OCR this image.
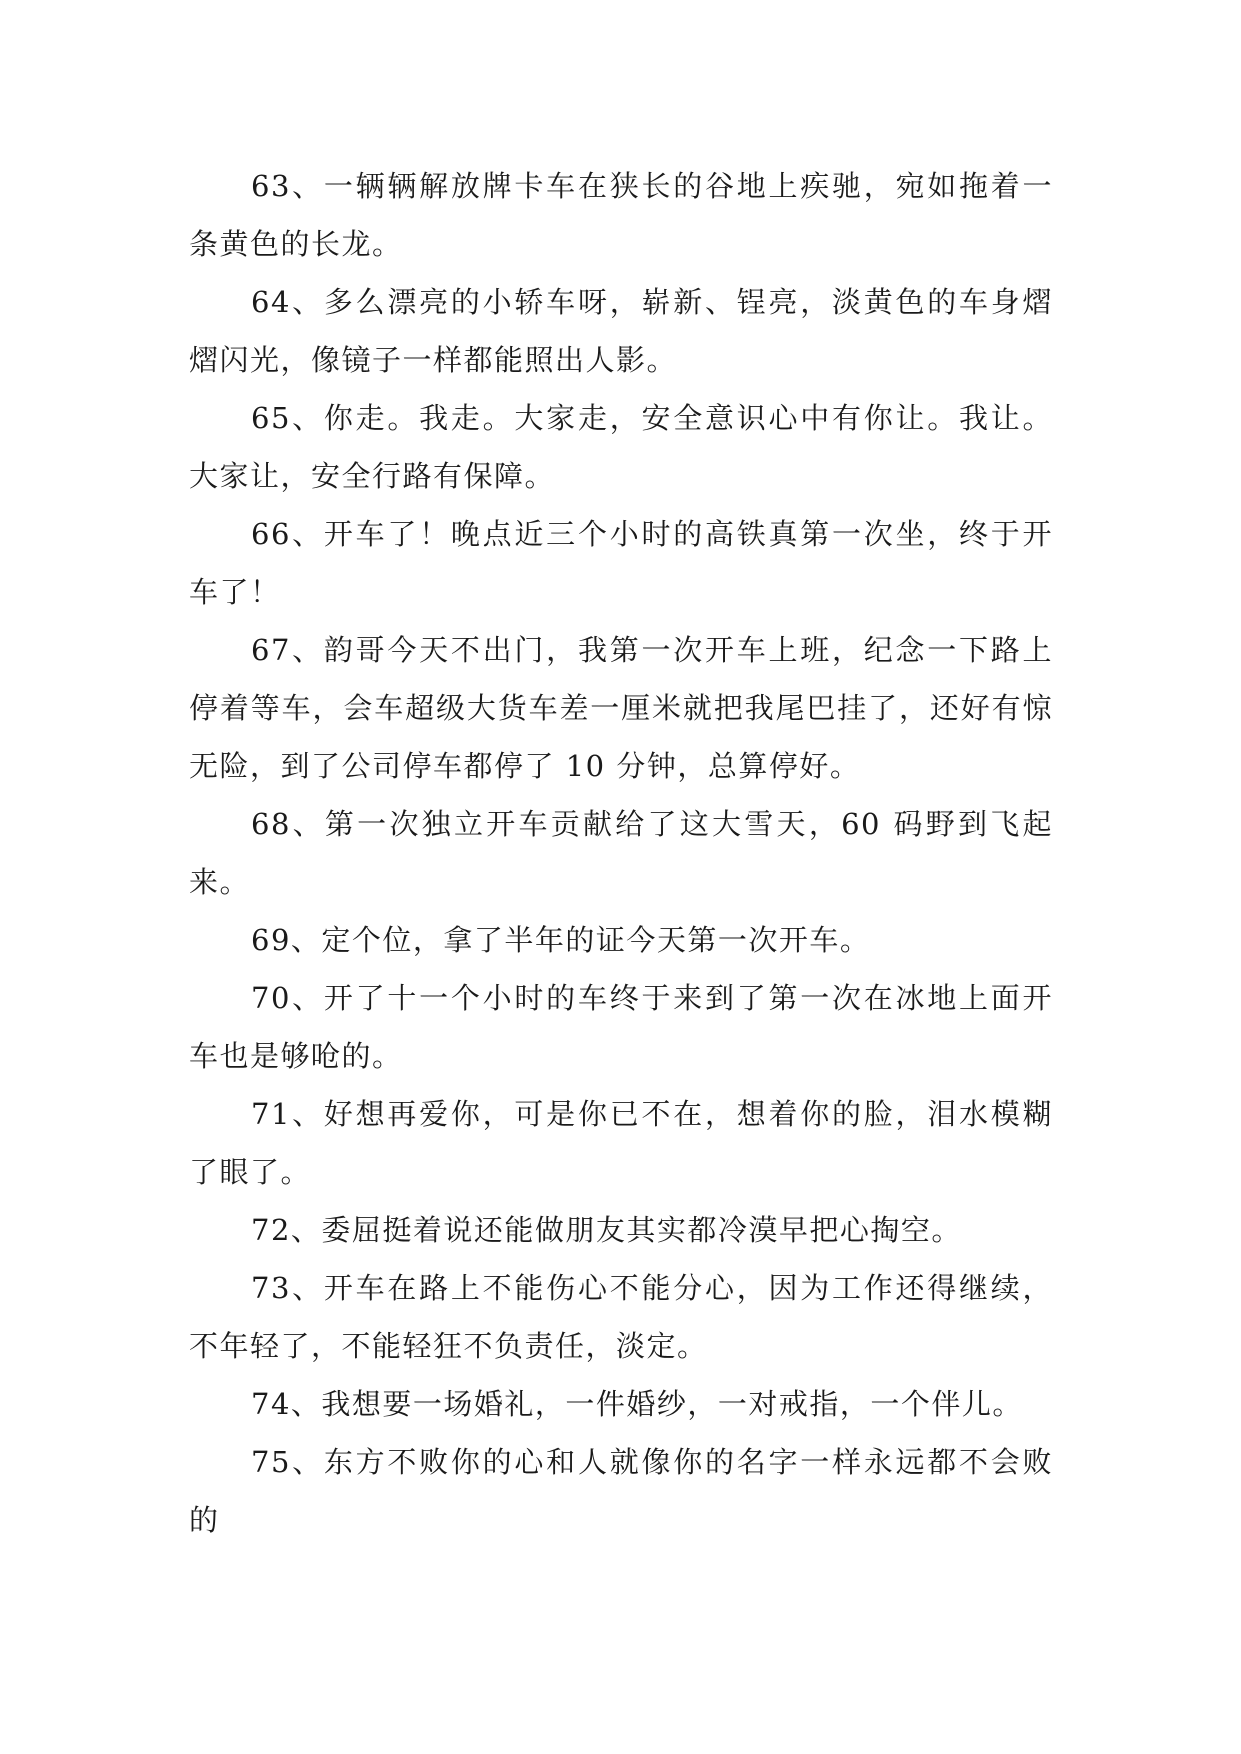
63、一辆辆解放牌卡车在狭长的谷地上疾驰，宛如拖着一条黄色的长龙。

64、多么漂亮的小轿车呀，崭新、锃亮，淡黄色的车身熠熠闪光，像镜子一样都能照出人影。

65、你走。我走。大家走，安全意识心中有你让。我让。大家让，安全行路有保障。

66、开车了！晚点近三个小时的高铁真第一次坐，终于开车了！

67、韵哥今天不出门，我第一次开车上班，纪念一下路上停着等车，会车超级大货车差一厘米就把我尾巴挂了，还好有惊无险，到了公司停车都停了 10 分钟，总算停好。

68、第一次独立开车贡献给了这大雪天，60 码野到飞起来。

69、定个位，拿了半年的证今天第一次开车。

70、开了十一个小时的车终于来到了第一次在冰地上面开车也是够呛的。

71、好想再爱你，可是你已不在，想着你的脸，泪水模糊了眼了。

72、委屈挺着说还能做朋友其实都冷漠早把心掏空。

73、开车在路上不能伤心不能分心，因为工作还得继续，不年轻了，不能轻狂不负责任，淡定。

74、我想要一场婚礼，一件婚纱，一对戒指，一个伴儿。

75、东方不败你的心和人就像你的名字一样永远都不会败的
